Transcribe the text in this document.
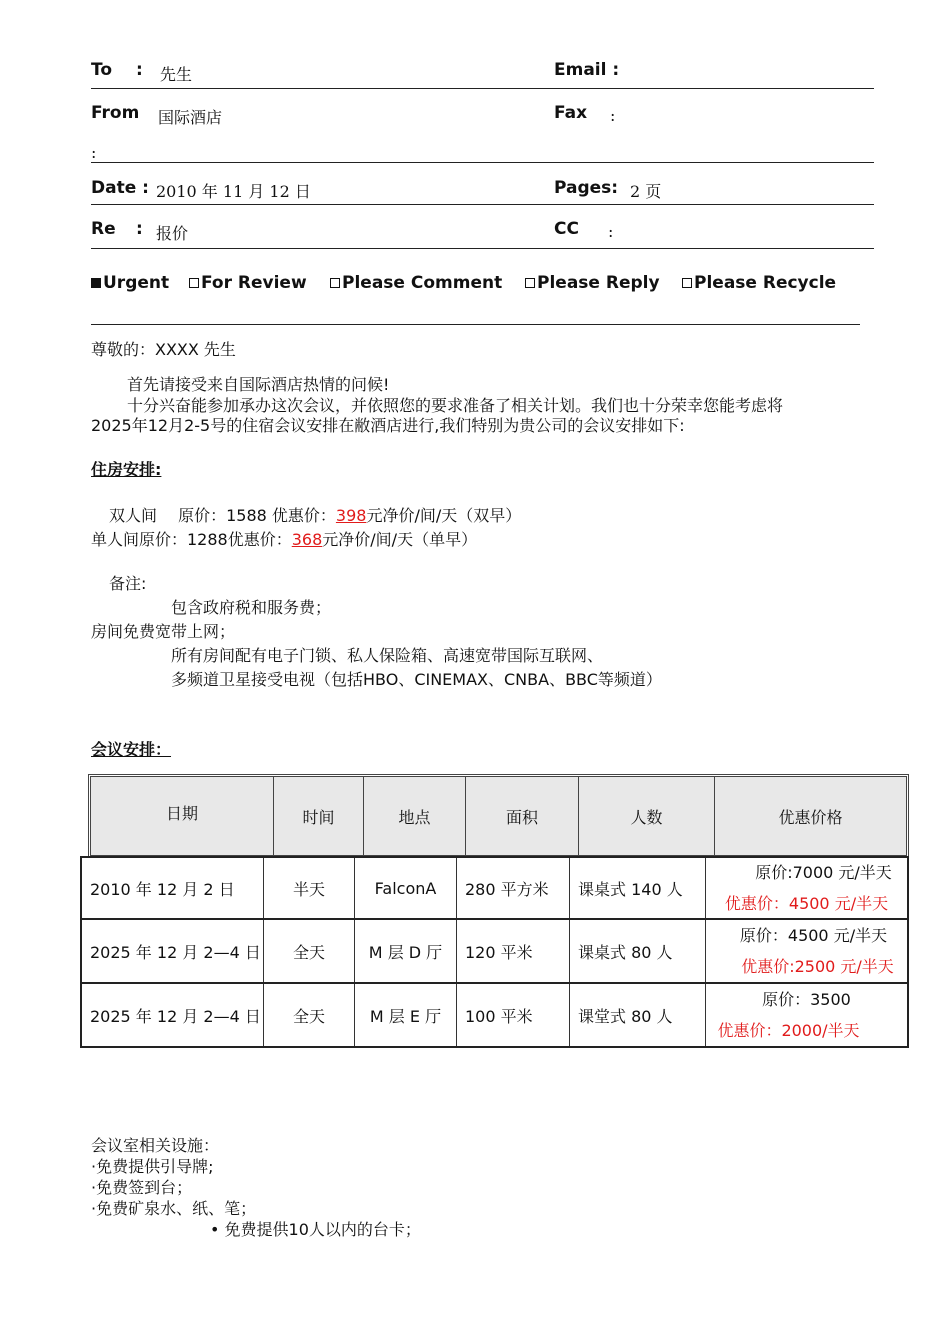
To : 先生	Email :
From 国际酒店	Fax :
:
Date : 2010 年 11 月 12 日	Pages: 2 页
Re : 报价	CC :
Urgent	For Review	Please Comment	Please Reply	Please Recycle
尊敬的：XXXX 先生
首先请接受来自国际酒店热情的问候!
十分兴奋能参加承办这次会议，并依照您的要求准备了相关计划。我们也十分荣幸您能考虑将
2025年12月2-5号的住宿会议安排在敝酒店进行,我们特别为贵公司的会议安排如下:
住房安排:
双人间　 原价：1588 优惠价：398元净价/间/天（双早）
单人间原价：1288优惠价：368元净价/间/天（单早）
备注:
包含政府税和服务费；
房间免费宽带上网；
所有房间配有电子门锁、私人保险箱、高速宽带国际互联网、
多频道卫星接受电视（包括HBO、CINEMAX、CNBA、BBC等频道）
会议安排：
日期	时间	地点	面积	人数	优惠价格
2010 年 12 月 2 日	半天	FalconA	280 平方米	课桌式 140 人
原价:7000 元/半天
优惠价：4500 元/半天
2025 年 12 月 2—4 日	全天	M 层 D 厅	120 平米	课桌式 80 人
原价：4500 元/半天
优惠价:2500 元/半天
2025 年 12 月 2—4 日	全天	M 层 E 厅	100 平米	课堂式 80 人
原价：3500
优惠价：2000/半天
会议室相关设施：
·免费提供引导牌;
·免费签到台；
·免费矿泉水、纸、笔；
• 免费提供10人以内的台卡；
